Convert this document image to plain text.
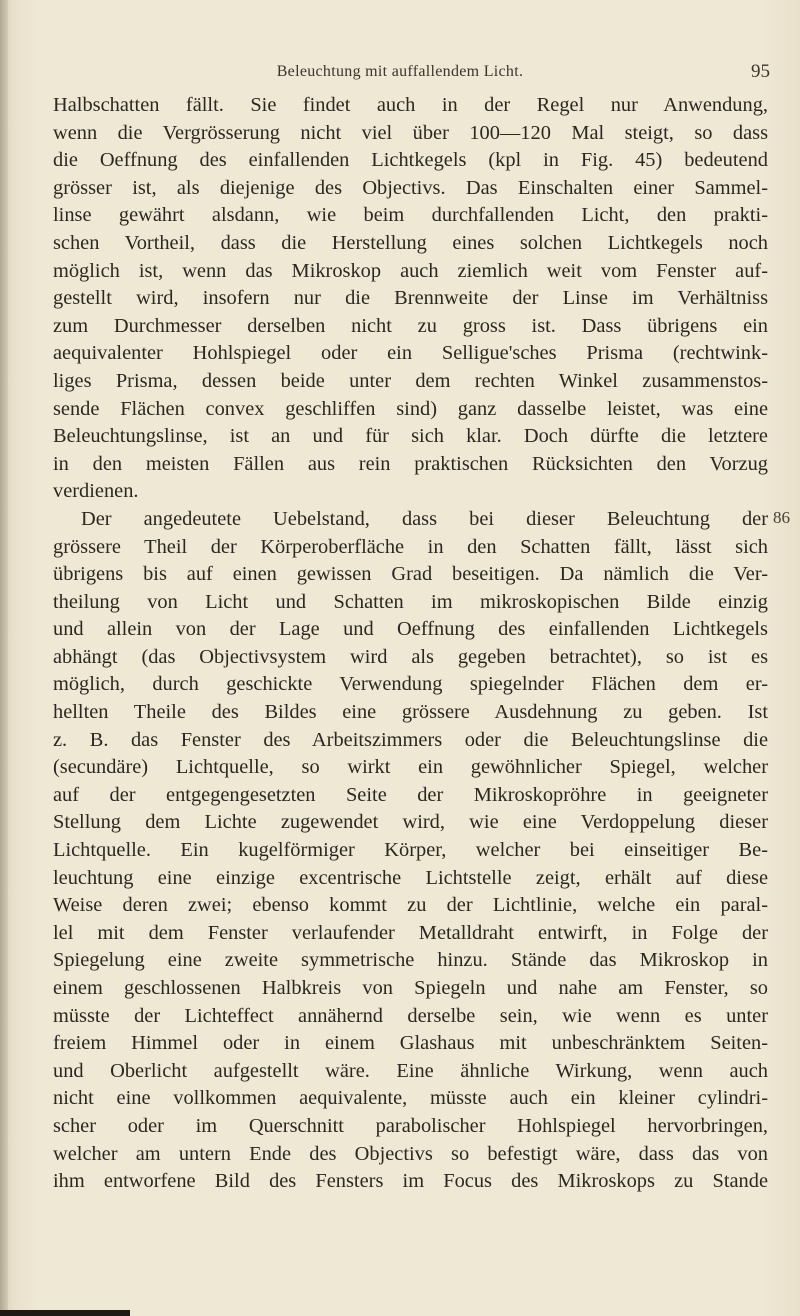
Beleuchtung mit auffallendem Licht.	95
Halbschatten fällt. Sie findet auch in der Regel nur Anwendung,
wenn die Vergrösserung nicht viel über 100—120 Mal steigt, so dass
die Oeffnung des einfallenden Lichtkegels (kpl in Fig. 45) bedeutend
grösser ist, als diejenige des Objectivs. Das Einschalten einer Sammel-
linse gewährt alsdann, wie beim durchfallenden Licht, den prakti-
schen Vortheil, dass die Herstellung eines solchen Lichtkegels noch
möglich ist, wenn das Mikroskop auch ziemlich weit vom Fenster auf-
gestellt wird, insofern nur die Brennweite der Linse im Verhältniss
zum Durchmesser derselben nicht zu gross ist. Dass übrigens ein
aequivalenter Hohlspiegel oder ein Selligue'sches Prisma (rechtwink-
liges Prisma, dessen beide unter dem rechten Winkel zusammenstos-
sende Flächen convex geschliffen sind) ganz dasselbe leistet, was eine
Beleuchtungslinse, ist an und für sich klar. Doch dürfte die letztere
in den meisten Fällen aus rein praktischen Rücksichten den Vorzug
verdienen.
Der angedeutete Uebelstand, dass bei dieser Beleuchtung der
grössere Theil der Körperoberfläche in den Schatten fällt, lässt sich
übrigens bis auf einen gewissen Grad beseitigen. Da nämlich die Ver-
theilung von Licht und Schatten im mikroskopischen Bilde einzig
und allein von der Lage und Oeffnung des einfallenden Lichtkegels
abhängt (das Objectivsystem wird als gegeben betrachtet), so ist es
möglich, durch geschickte Verwendung spiegelnder Flächen dem er-
hellten Theile des Bildes eine grössere Ausdehnung zu geben. Ist
z. B. das Fenster des Arbeitszimmers oder die Beleuchtungslinse die
(secundäre) Lichtquelle, so wirkt ein gewöhnlicher Spiegel, welcher
auf der entgegengesetzten Seite der Mikroskopröhre in geeigneter
Stellung dem Lichte zugewendet wird, wie eine Verdoppelung dieser
Lichtquelle. Ein kugelförmiger Körper, welcher bei einseitiger Be-
leuchtung eine einzige excentrische Lichtstelle zeigt, erhält auf diese
Weise deren zwei; ebenso kommt zu der Lichtlinie, welche ein paral-
lel mit dem Fenster verlaufender Metalldraht entwirft, in Folge der
Spiegelung eine zweite symmetrische hinzu. Stände das Mikroskop in
einem geschlossenen Halbkreis von Spiegeln und nahe am Fenster, so
müsste der Lichteffect annähernd derselbe sein, wie wenn es unter
freiem Himmel oder in einem Glashaus mit unbeschränktem Seiten-
und Oberlicht aufgestellt wäre. Eine ähnliche Wirkung, wenn auch
nicht eine vollkommen aequivalente, müsste auch ein kleiner cylindri-
scher oder im Querschnitt parabolischer Hohlspiegel hervorbringen,
welcher am untern Ende des Objectivs so befestigt wäre, dass das von
ihm entworfene Bild des Fensters im Focus des Mikroskops zu Stande
86
